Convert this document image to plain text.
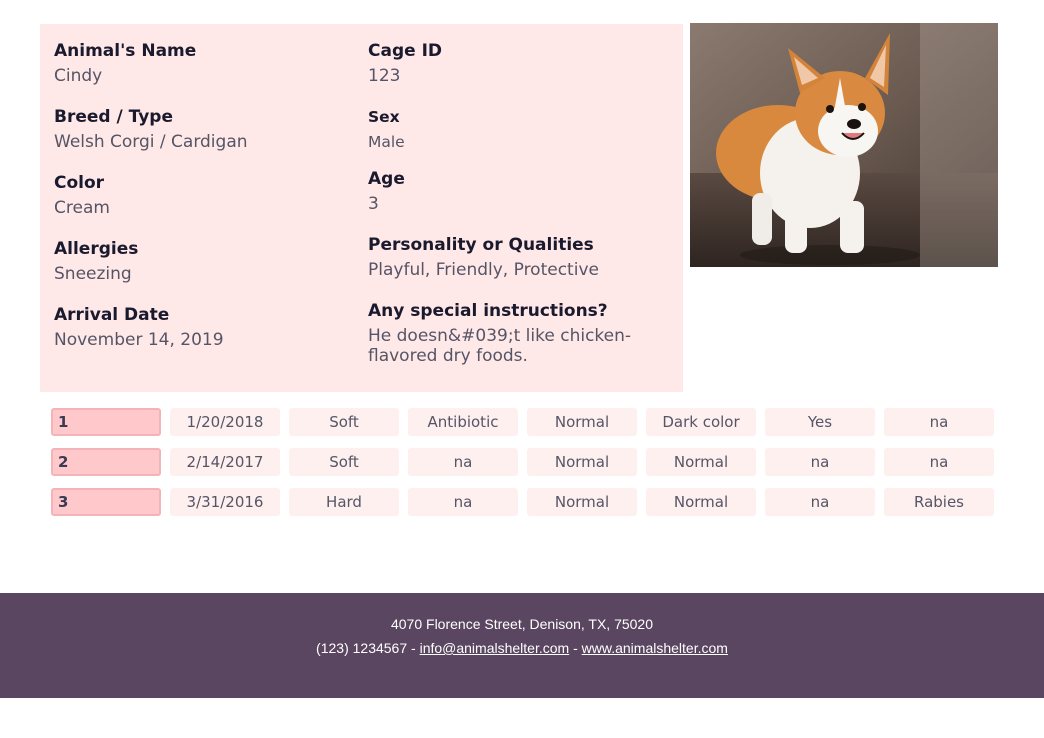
Animal's Name
Cindy
Cage ID
123
Breed / Type
Welsh Corgi / Cardigan
Sex
Male
Color
Cream
Age
3
Allergies
Sneezing
Personality or Qualities
Playful, Friendly, Protective
Arrival Date
November 14, 2019
Any special instructions?
He doesn&#039;t like chicken-flavored dry foods.
1	1/20/2018	Soft	Antibiotic	Normal	Dark color	Yes	na
2	2/14/2017	Soft	na	Normal	Normal	na	na
3	3/31/2016	Hard	na	Normal	Normal	na	Rabies
4070 Florence Street, Denison, TX, 75020
(123) 1234567 - info@animalshelter.com - www.animalshelter.com
